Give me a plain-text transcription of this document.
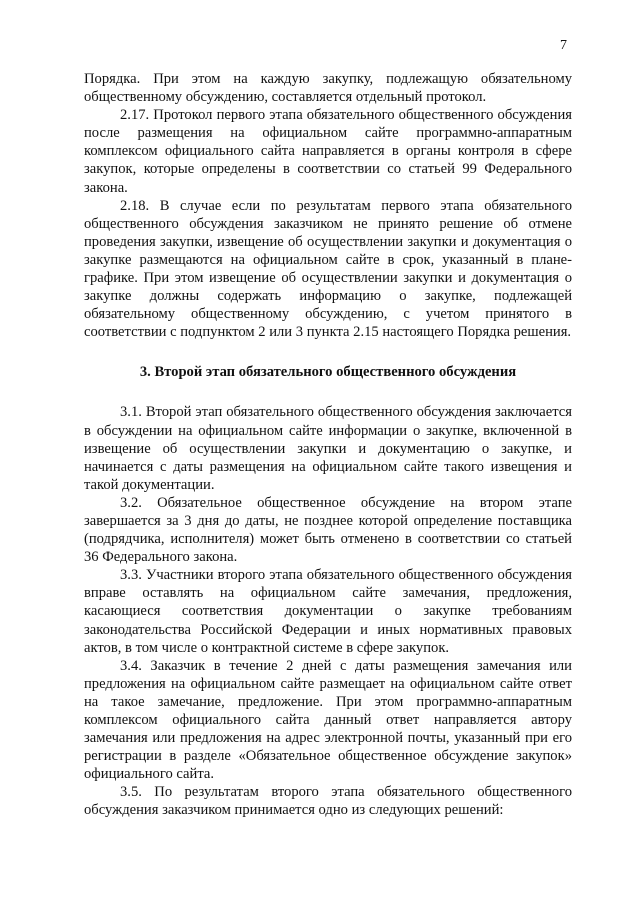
7

Порядка. При этом на каждую закупку, подлежащую обязательному общественному обсуждению, составляется отдельный протокол.

2.17. Протокол первого этапа обязательного общественного обсуждения после размещения на официальном сайте программно-аппаратным комплексом официального сайта направляется в органы контроля в сфере закупок, которые определены в соответствии со статьей 99 Федерального закона.

2.18. В случае если по результатам первого этапа обязательного общественного обсуждения заказчиком не принято решение об отмене проведения закупки, извещение об осуществлении закупки и документация о закупке размещаются на официальном сайте в срок, указанный в плане-графике. При этом извещение об осуществлении закупки и документация о закупке должны содержать информацию о закупке, подлежащей обязательному общественному обсуждению, с учетом принятого в соответствии с подпунктом 2 или 3 пункта 2.15 настоящего Порядка решения.

3. Второй этап обязательного общественного обсуждения

3.1. Второй этап обязательного общественного обсуждения заключается в обсуждении на официальном сайте информации о закупке, включенной в извещение об осуществлении закупки и документацию о закупке, и начинается с даты размещения на официальном сайте такого извещения и такой документации.

3.2. Обязательное общественное обсуждение на втором этапе завершается за 3 дня до даты, не позднее которой определение поставщика (подрядчика, исполнителя) может быть отменено в соответствии со статьей 36 Федерального закона.

3.3. Участники второго этапа обязательного общественного обсуждения вправе оставлять на официальном сайте замечания, предложения, касающиеся соответствия документации о закупке требованиям законодательства Российской Федерации и иных нормативных правовых актов, в том числе о контрактной системе в сфере закупок.

3.4. Заказчик в течение 2 дней с даты размещения замечания или предложения на официальном сайте размещает на официальном сайте ответ на такое замечание, предложение. При этом программно-аппаратным комплексом официального сайта данный ответ направляется автору замечания или предложения на адрес электронной почты, указанный при его регистрации в разделе «Обязательное общественное обсуждение закупок» официального сайта.

3.5. По результатам второго этапа обязательного общественного обсуждения заказчиком принимается одно из следующих решений:
